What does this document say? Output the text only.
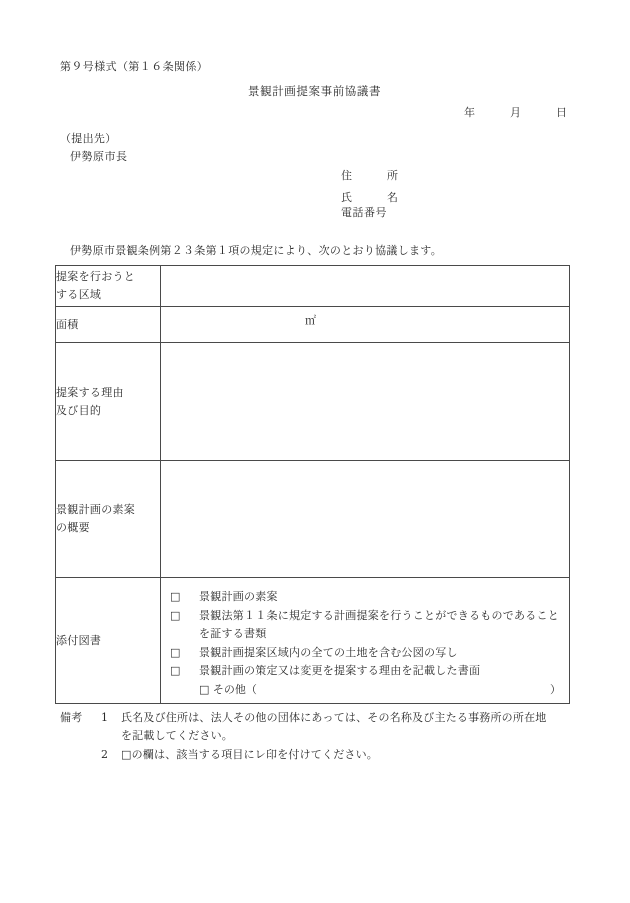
第９号様式（第１６条関係）
景観計画提案事前協議書
年　　　月　　　日
（提出先）
伊勢原市長
住　　　所
氏　　　名
電話番号
伊勢原市景観条例第２３条第１項の規定により、次のとおり協議します。
提案を行おうと
する区域	

面積	㎡

提案する理由
及び目的	

景観計画の素案
の概要	

添付図書

□ 景観計画の素案
□ 景観法第１１条に規定する計画提案を行うことができるものであること
を証する書類
□ 景観計画提案区域内の全ての土地を含む公図の写し
□ 景観計画の策定又は変更を提案する理由を記載した書面
□ その他（	）
備考 1 氏名及び住所は、法人その他の団体にあっては、その名称及び主たる事務所の所在地
を記載してください。
2 □の欄は、該当する項目にレ印を付けてください。
